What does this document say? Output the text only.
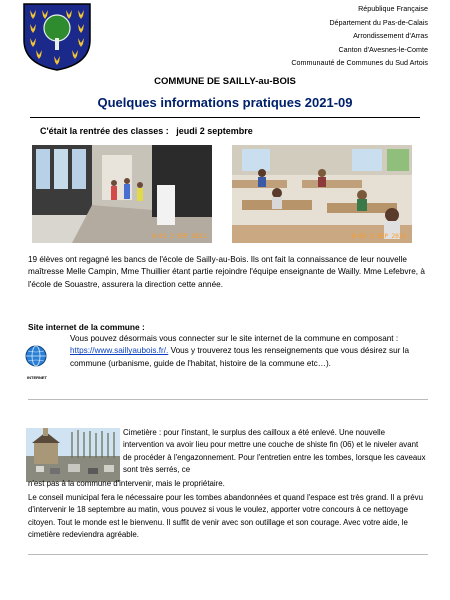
République Française
Département du Pas-de-Calais
Arrondissement d'Arras
Canton d'Avesnes-le-Comte
Communauté de Communes du Sud Artois
COMMUNE DE SAILLY-au-BOIS
Quelques informations pratiques 2021-09
C'était la rentrée des classes : jeudi 2 septembre
8-01 2 SEP 2021	8-05 2 SEP 2021

19 élèves ont regagné les bancs de l'école de Sailly-au-Bois. Ils ont fait la connaissance de leur nouvelle maîtresse Melle Campin, Mme Thuillier étant partie rejoindre l'équipe enseignante de Wailly. Mme Lefebvre, à l'école de Souastre, assurera la direction cette année.

Site internet de la commune :
INTERNET

Vous pouvez désormais vous connecter sur le site internet de la commune en composant : https://www.saillyaubois.fr/. Vous y trouverez tous les renseignements que vous désirez sur la commune (urbanisme, guide de l'habitat, histoire de la commune etc…).

Cimetière : pour l'instant, le surplus des cailloux a été enlevé. Une nouvelle intervention va avoir lieu pour mettre une couche de shiste fin (06) et le niveler avant de procéder à l'engazonnement. Pour l'entretien entre les tombes, lorsque les caveaux sont très serrés, ce

n'est pas à la commune d'intervenir, mais le propriétaire.

Le conseil municipal fera le nécessaire pour les tombes abandonnées et quand l'espace est très grand. Il a prévu d'intervenir le 18 septembre au matin, vous pouvez si vous le voulez, apporter votre concours à ce nettoyage citoyen. Tout le monde est le bienvenu. Il suffit de venir avec son outillage et son courage. Avec votre aide, le cimetière redeviendra agréable.
